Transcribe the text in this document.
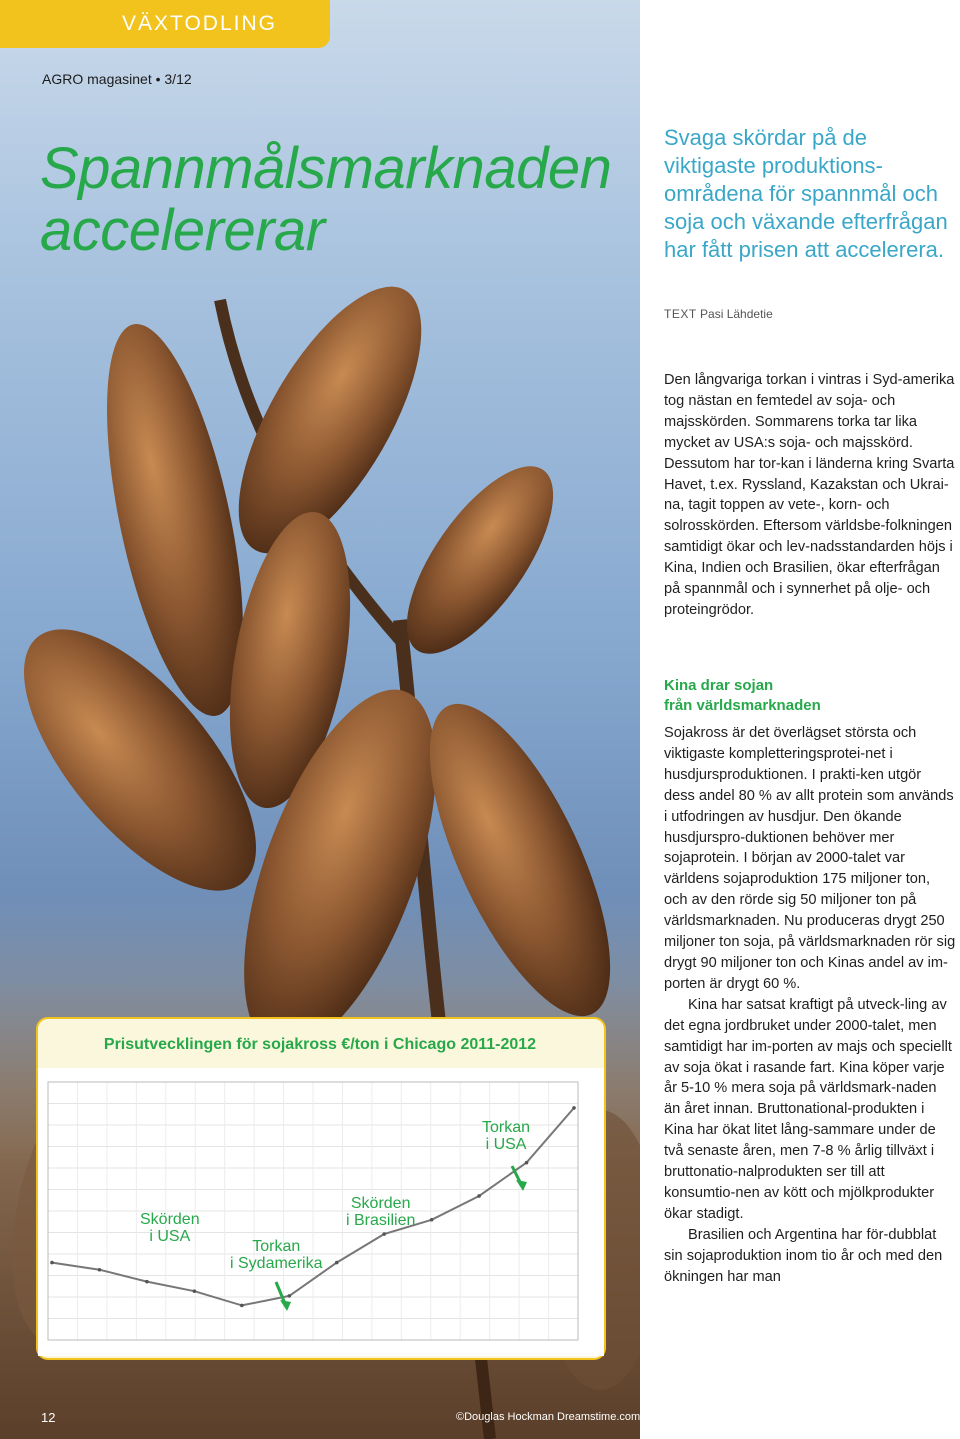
VÄXTODLING
AGRO magasinet • 3/12
Spannmålsmarknaden
accelererar
Svaga skördar på de viktigaste produktions-områdena för spannmål och soja och växande efterfrågan har fått prisen att accelerera.
TEXT Pasi Lähdetie

Den långvariga torkan i vintras i Syd-amerika tog nästan en femtedel av soja- och majsskörden. Sommarens torka tar lika mycket av USA:s soja- och majsskörd. Dessutom har tor-kan i länderna kring Svarta Havet, t.ex. Ryssland, Kazakstan och Ukrai-na, tagit toppen av vete-, korn- och solrosskörden. Eftersom världsbe-folkningen samtidigt ökar och lev-nadsstandarden höjs i Kina, Indien och Brasilien, ökar efterfrågan på spannmål och i synnerhet på olje- och proteingrödor.

Kina drar sojan
från världsmarknaden

Sojakross är det överlägset största och viktigaste kompletteringsprotei-net i husdjursproduktionen. I prakti-ken utgör dess andel 80 % av allt protein som används i utfodringen av husdjur. Den ökande husdjurspro-duktionen behöver mer sojaprotein. I början av 2000-talet var världens sojaproduktion 175 miljoner ton, och av den rörde sig 50 miljoner ton på världsmarknaden. Nu produceras drygt 250 miljoner ton soja, på världsmarknaden rör sig drygt 90 miljoner ton och Kinas andel av im-porten är drygt 60 %.
Kina har satsat kraftigt på utveck-ling av det egna jordbruket under 2000-talet, men samtidigt har im-porten av majs och speciellt av soja ökat i rasande fart. Kina köper varje år 5-10 % mera soja på världsmark-naden än året innan. Bruttonational-produkten i Kina har ökat litet lång-sammare under de två senaste åren, men 7-8 % årlig tillväxt i bruttonatio-nalprodukten ser till att konsumtio-nen av kött och mjölkprodukter ökar stadigt.
Brasilien och Argentina har för-dubblat sin sojaproduktion inom tio år och med den ökningen har man

Prisutvecklingen för sojakross €/ton i Chicago 2011-2012
Skörden
i USA
Torkan
i Sydamerika
Skörden
i Brasilien
Torkan
i USA
12	©Douglas Hockman Dreamstime.com
